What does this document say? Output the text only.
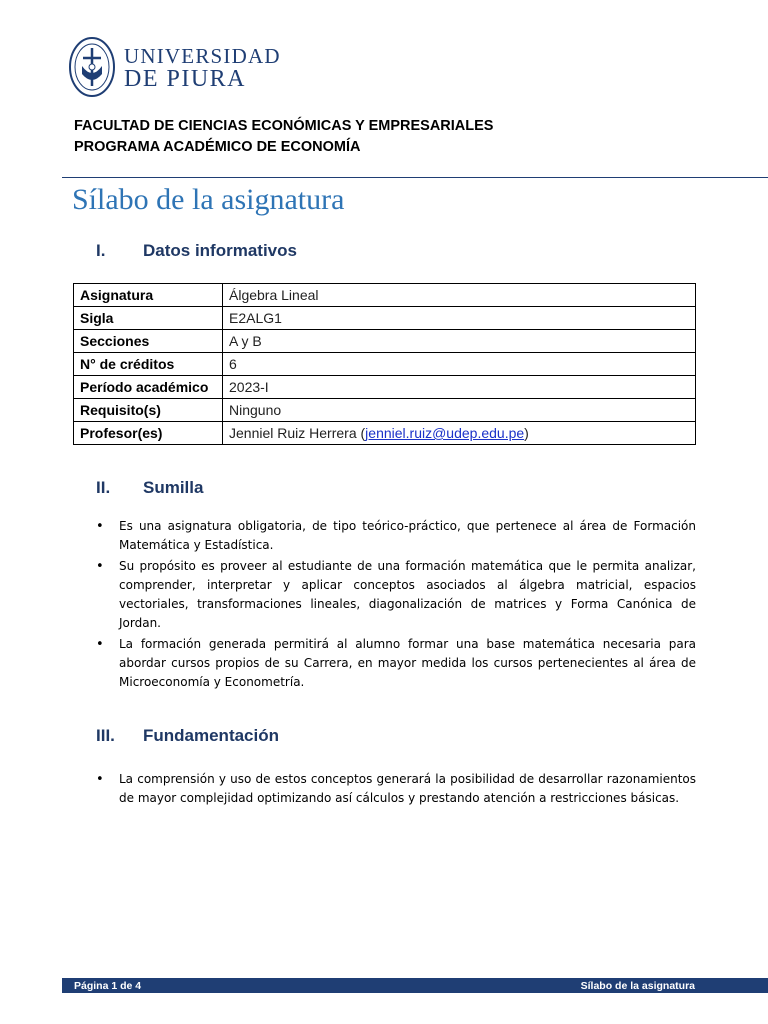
UNIVERSIDAD
DE PIURA
FACULTAD DE CIENCIAS ECONÓMICAS Y EMPRESARIALES
PROGRAMA ACADÉMICO DE ECONOMÍA
Sílabo de la asignatura
I. Datos informativos
Asignatura	Álgebra Lineal
Sigla	E2ALG1
Secciones	A y B
N° de créditos	6
Período académico	2023-I
Requisito(s)	Ninguno
Profesor(es)	Jenniel Ruiz Herrera (jenniel.ruiz@udep.edu.pe)
II. Sumilla
• Es una asignatura obligatoria, de tipo teórico-práctico, que pertenece al área de Formación Matemática y Estadística.
• Su propósito es proveer al estudiante de una formación matemática que le permita analizar, comprender, interpretar y aplicar conceptos asociados al álgebra matricial, espacios vectoriales, transformaciones lineales, diagonalización de matrices y Forma Canónica de Jordan.
• La formación generada permitirá al alumno formar una base matemática necesaria para abordar cursos propios de su Carrera, en mayor medida los cursos pertenecientes al área de Microeconomía y Econometría.
III. Fundamentación
• La comprensión y uso de estos conceptos generará la posibilidad de desarrollar razonamientos de mayor complejidad optimizando así cálculos y prestando atención a restricciones básicas.
Página 1 de 4	Sílabo de la asignatura
